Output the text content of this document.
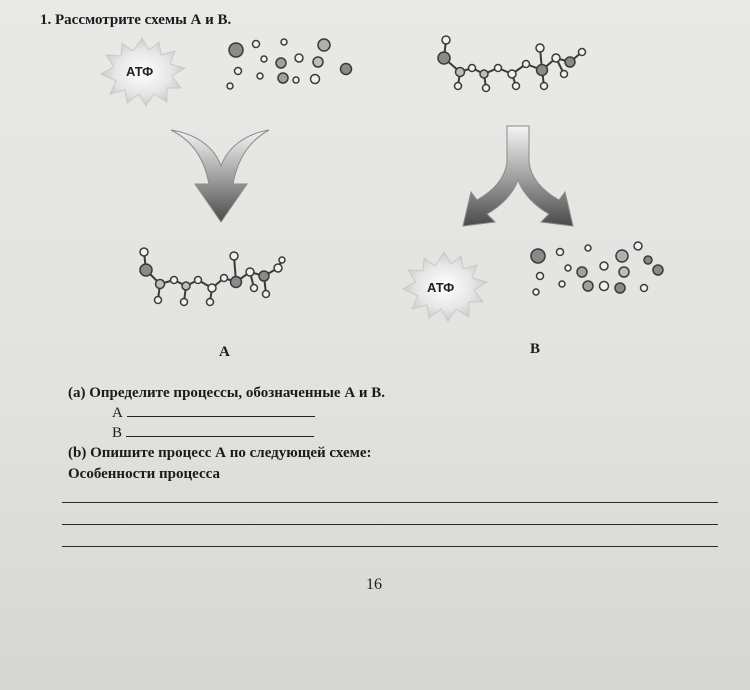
1. Рассмотрите схемы А и В.
АТФ
АТФ
А	В
(а) Определите процессы, обозначенные А и В.
А
В
(b) Опишите процесс А по следующей схеме:
Особенности процесса
16
